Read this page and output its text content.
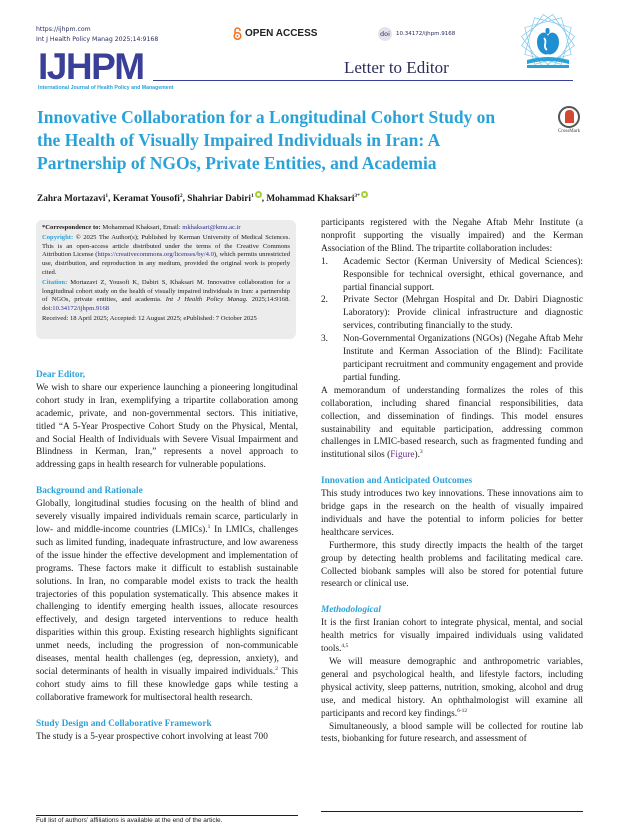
https://ijhpm.com
Int J Health Policy Manag 2025;14:9168
OPEN ACCESS	doi	10.34172/ijhpm.9168
IJHPM
International Journal of Health Policy and Management
Letter to Editor
Innovative Collaboration for a Longitudinal Cohort Study on the Health of Visually Impaired Individuals in Iran: A Partnership of NGOs, Private Entities, and Academia
CrossMark
Zahra Mortazavi$^1$, Keramat Yousofi$^2$, Shahriar Dabiri$^1$ , Mohammad Khaksari$^{3*}$

*Correspondence to: Mohammad Khaksari, Email: mkhaksari@kmu.ac.ir

Copyright: © 2025 The Author(s); Published by Kerman University of Medical Sciences. This is an open-access article distributed under the terms of the Creative Commons Attribution License (https://creativecommons.org/licenses/by/4.0), which permits unrestricted use, distribution, and reproduction in any medium, provided the original work is properly cited.

Citation: Mortazavi Z, Yousofi K, Dabiri S, Khaksari M. Innovative collaboration for a longitudinal cohort study on the health of visually impaired individuals in Iran: a partnership of NGOs, private entities, and academia. Int J Health Policy Manag. 2025;14:9168. doi:10.34172/ijhpm.9168

Received: 18 April 2025; Accepted: 12 August 2025; ePublished: 7 October 2025

Dear Editor,

We wish to share our experience launching a pioneering longitudinal cohort study in Iran, exemplifying a tripartite collaboration among academic, private, and non-governmental sectors. This initiative, titled “A 5-Year Prospective Cohort Study on the Physical, Mental, and Social Health of Individuals with Severe Visual Impairment and Blindness in Kerman, Iran,” represents a novel approach to addressing gaps in health research for vulnerable populations.

Background and Rationale

Globally, longitudinal studies focusing on the health of blind and severely visually impaired individuals remain scarce, particularly in low- and middle-income countries (LMICs).$^1$ In LMICs, challenges such as limited funding, inadequate infrastructure, and low awareness of the issue hinder the effective development and implementation of programs. These factors make it difficult to establish sustainable solutions. In Iran, no comparable model exists to track the health trajectories of this population systematically. This absence makes it challenging to identify emerging health issues, allocate resources effectively, and design targeted interventions to reduce health disparities within this group. Existing research highlights significant unmet needs, including the progression of non-communicable diseases, mental health challenges (eg, depression, anxiety), and social determinants of health in visually impaired individuals.$^2$ This cohort study aims to fill these knowledge gaps while testing a collaborative framework for multisectoral health research.

Study Design and Collaborative Framework

The study is a 5-year prospective cohort involving at least 700

participants registered with the Negahe Aftab Mehr Institute (a nonprofit supporting the visually impaired) and the Kerman Association of the Blind. The tripartite collaboration includes:

1. Academic Sector (Kerman University of Medical Sciences): Responsible for technical oversight, ethical governance, and partial financial support.
2. Private Sector (Mehrgan Hospital and Dr. Dabiri Diagnostic Laboratory): Provide clinical infrastructure and diagnostic services, contributing financially to the study.
3. Non-Governmental Organizations (NGOs) (Negahe Aftab Mehr Institute and Kerman Association of the Blind): Facilitate participant recruitment and community engagement and provide partial funding.

A memorandum of understanding formalizes the roles of this collaboration, including shared financial responsibilities, data collection, and dissemination of findings. This model ensures sustainability and equitable participation, addressing common challenges in LMIC-based research, such as fragmented funding and institutional silos (Figure).$^3$

Innovation and Anticipated Outcomes

This study introduces two key innovations. These innovations aim to bridge gaps in the research on the health of visually impaired individuals and have the potential to inform policies for better healthcare services.

Furthermore, this study directly impacts the health of the target group by detecting health problems and facilitating medical care. Collected biobank samples will also be stored for potential future research or clinical use.

Methodological

It is the first Iranian cohort to integrate physical, mental, and social health metrics for visually impaired individuals using validated tools.$^{4,5}$

We will measure demographic and anthropometric variables, general and psychological health, and lifestyle factors, including physical activity, sleep patterns, nutrition, smoking, alcohol and drug use, and medical history. An ophthalmologist will examine all participants and record key findings.$^{6-12}$

Simultaneously, a blood sample will be collected for routine lab tests, biobanking for future research, and assessment of

Full list of authors’ affiliations is available at the end of the article.
